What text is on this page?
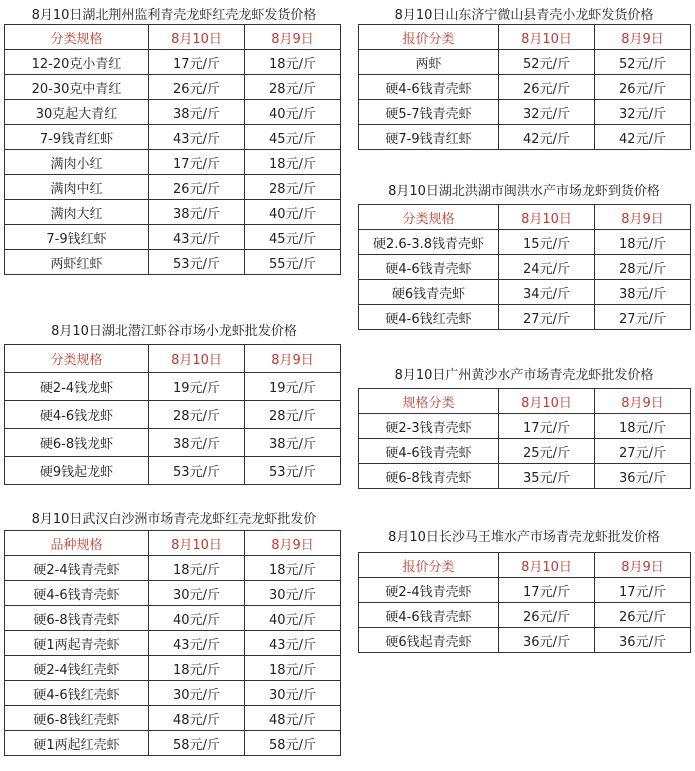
8月10日湖北荆州监利青壳龙虾红壳龙虾发货价格
分类规格	8月10日	8月9日
12-20克小青红	17元/斤	18元/斤
20-30克中青红	26元/斤	28元/斤
30克起大青红	38元/斤	40元/斤
7-9钱青红虾	43元/斤	45元/斤
满肉小红	17元/斤	18元/斤
满肉中红	26元/斤	28元/斤
满肉大红	38元/斤	40元/斤
7-9钱红虾	43元/斤	45元/斤
两虾红虾	53元/斤	55元/斤
8月10日湖北潜江虾谷市场小龙虾批发价格
分类规格	8月10日	8月9日
硬2-4钱龙虾	19元/斤	19元/斤
硬4-6钱龙虾	28元/斤	28元/斤
硬6-8钱龙虾	38元/斤	38元/斤
硬9钱起龙虾	53元/斤	53元/斤
8月10日武汉白沙洲市场青壳龙虾红壳龙虾批发价
品种规格	8月10日	8月9日
硬2-4钱青壳虾	18元/斤	18元/斤
硬4-6钱青壳虾	30元/斤	30元/斤
硬6-8钱青壳虾	40元/斤	40元/斤
硬1两起青壳虾	43元/斤	43元/斤
硬2-4钱红壳虾	18元/斤	18元/斤
硬4-6钱红壳虾	30元/斤	30元/斤
硬6-8钱红壳虾	48元/斤	48元/斤
硬1两起红壳虾	58元/斤	58元/斤
8月10日山东济宁微山县青壳小龙虾发货价格
报价分类	8月10日	8月9日
两虾	52元/斤	52元/斤
硬4-6钱青壳虾	26元/斤	26元/斤
硬5-7钱青壳虾	32元/斤	32元/斤
硬7-9钱青红虾	42元/斤	42元/斤
8月10日湖北洪湖市闽洪水产市场龙虾到货价格
分类规格	8月10日	8月9日
硬2.6-3.8钱青壳虾	15元/斤	18元/斤
硬4-6钱青壳虾	24元/斤	28元/斤
硬6钱青壳虾	34元/斤	38元/斤
硬4-6钱红壳虾	27元/斤	27元/斤
8月10日广州黄沙水产市场青壳龙虾批发价格
规格分类	8月10日	8月9日
硬2-3钱青壳虾	17元/斤	18元/斤
硬4-6钱青壳虾	25元/斤	27元/斤
硬6-8钱青壳虾	35元/斤	36元/斤
8月10日长沙马王堆水产市场青壳龙虾批发价格
报价分类	8月10日	8月9日
硬2-4钱青壳虾	17元/斤	17元/斤
硬4-6钱青壳虾	26元/斤	26元/斤
硬6钱起青壳虾	36元/斤	36元/斤
